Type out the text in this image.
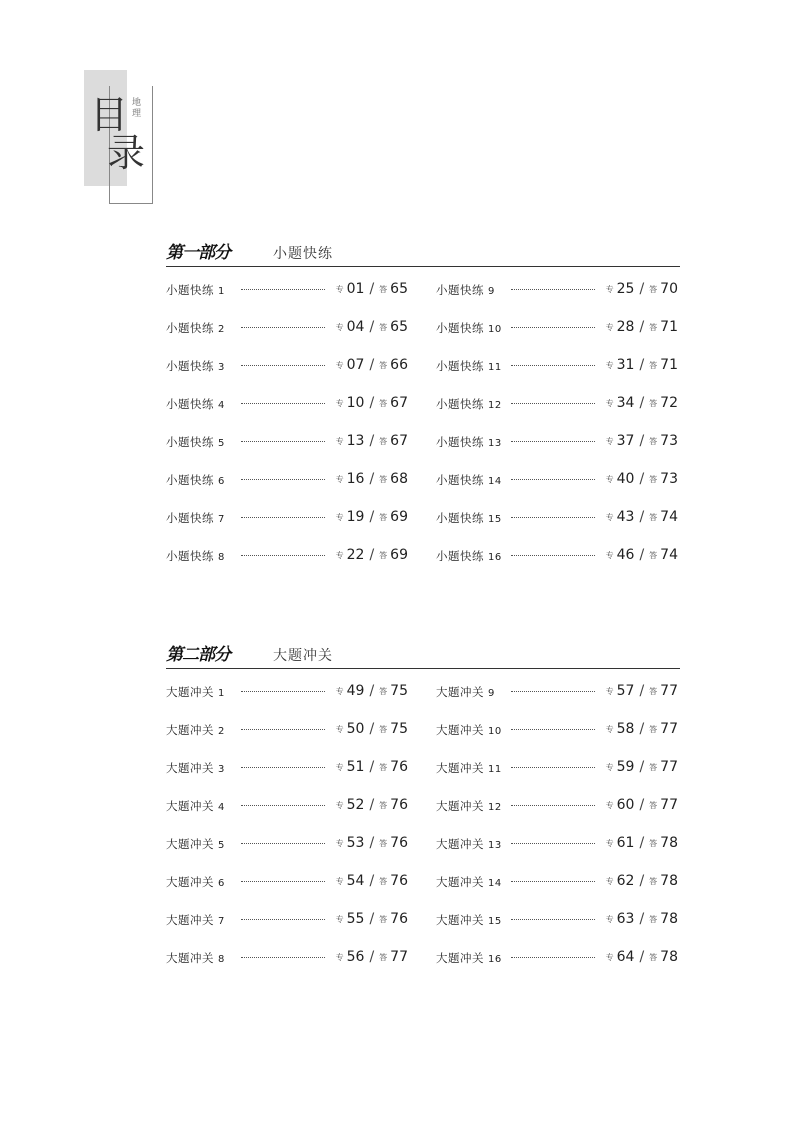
目
录
地
理
第一部分	小题快练
小题快练 1	专 01 / 答 65
小题快练 2	专 04 / 答 65
小题快练 3	专 07 / 答 66
小题快练 4	专 10 / 答 67
小题快练 5	专 13 / 答 67
小题快练 6	专 16 / 答 68
小题快练 7	专 19 / 答 69
小题快练 8	专 22 / 答 69
小题快练 9	专 25 / 答 70
小题快练 10	专 28 / 答 71
小题快练 11	专 31 / 答 71
小题快练 12	专 34 / 答 72
小题快练 13	专 37 / 答 73
小题快练 14	专 40 / 答 73
小题快练 15	专 43 / 答 74
小题快练 16	专 46 / 答 74
第二部分	大题冲关
大题冲关 1	专 49 / 答 75
大题冲关 2	专 50 / 答 75
大题冲关 3	专 51 / 答 76
大题冲关 4	专 52 / 答 76
大题冲关 5	专 53 / 答 76
大题冲关 6	专 54 / 答 76
大题冲关 7	专 55 / 答 76
大题冲关 8	专 56 / 答 77
大题冲关 9	专 57 / 答 77
大题冲关 10	专 58 / 答 77
大题冲关 11	专 59 / 答 77
大题冲关 12	专 60 / 答 77
大题冲关 13	专 61 / 答 78
大题冲关 14	专 62 / 答 78
大题冲关 15	专 63 / 答 78
大题冲关 16	专 64 / 答 78
